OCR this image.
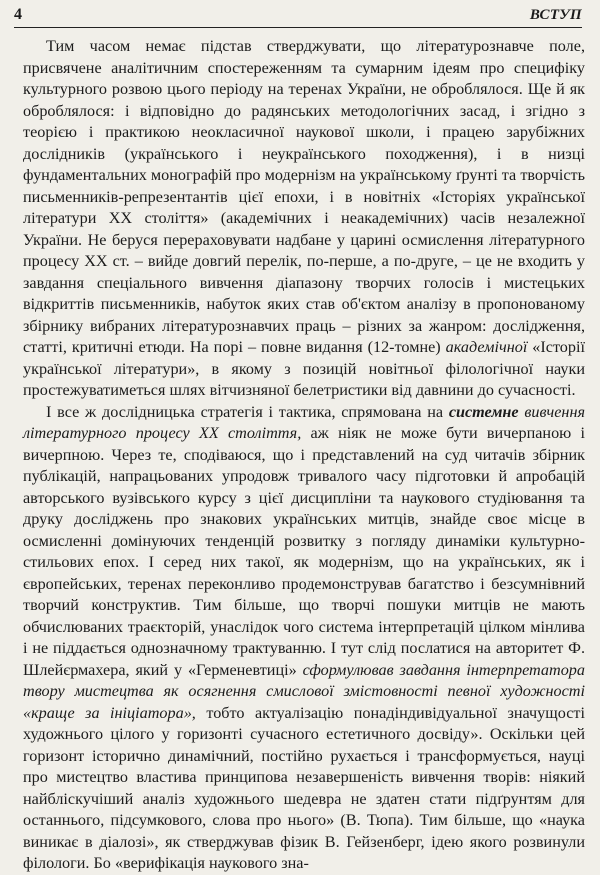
4	ВСТУП

Тим часом немає підстав стверджувати, що літературознавче поле, присвячене аналітичним спостереженням та сумарним ідеям про специфіку культурного розвою цього періоду на теренах України, не оброблялося. Ще й як оброблялося: і відповідно до радянських методологічних засад, і згідно з теорією і практикою неокласичної наукової школи, і працею зарубіжних дослідників (українського і неукраїнського походження), і в низці фундаментальних монографій про модернізм на українському ґрунті та творчість письменників-репрезентантів цієї епохи, і в новітніх «Історіях української літератури XX століття» (академічних і неакадемічних) часів незалежної України. Не беруся перераховувати надбане у царині осмислення літературного процесу XX ст. – вийде довгий перелік, по-перше, а по-друге, – це не входить у завдання спеціального вивчення діапазону творчих голосів і мистецьких відкриттів письменників, набуток яких став об'єктом аналізу в пропонованому збірнику вибраних літературознавчих праць – різних за жанром: дослідження, статті, критичні етюди. На порі – повне видання (12-томне) академічної «Історії української літератури», в якому з позицій новітньої філологічної науки простежуватиметься шлях вітчизняної белетристики від давнини до сучасності.

І все ж дослідницька стратегія і тактика, спрямована на системне вивчення літературного процесу XX століття, аж ніяк не може бути вичерпаною і вичерпною. Через те, сподіваюся, що і представлений на суд читачів збірник публікацій, напрацьованих упродовж тривалого часу підготовки й апробацій авторського вузівського курсу з цієї дисципліни та наукового студіювання та друку досліджень про знакових українських митців, знайде своє місце в осмисленні домінуючих тенденцій розвитку з погляду динаміки культурно-стильових епох. І серед них такої, як модернізм, що на українських, як і європейських, теренах переконливо продемонстрував багатство і безсумнівний творчий конструктив. Тим більше, що творчі пошуки митців не мають обчислюваних траєкторій, унаслідок чого система інтерпретацій цілком мінлива і не піддається однозначному трактуванню. І тут слід послатися на авторитет Ф. Шлейєрмахера, який у «Герменевтиці» сформулював завдання інтерпретатора твору мистецтва як осягнення смислової змістовності певної художності «краще за ініціатора», тобто актуалізацію понадіндивідуальної значущості художнього цілого у горизонті сучасного естетичного досвіду». Оскільки цей горизонт історично динамічний, постійно рухається і трансформується, науці про мистецтво властива принципова незавершеність вивчення творів: ніякий найбліскучіший аналіз художнього шедевра не здатен стати підґрунтям для останнього, підсумкового, слова про нього» (В. Тюпа). Тим більше, що «наука виникає в діалозі», як стверджував фізик В. Гейзенберг, ідею якого розвинули філологи. Бо «верифікація наукового зна-
